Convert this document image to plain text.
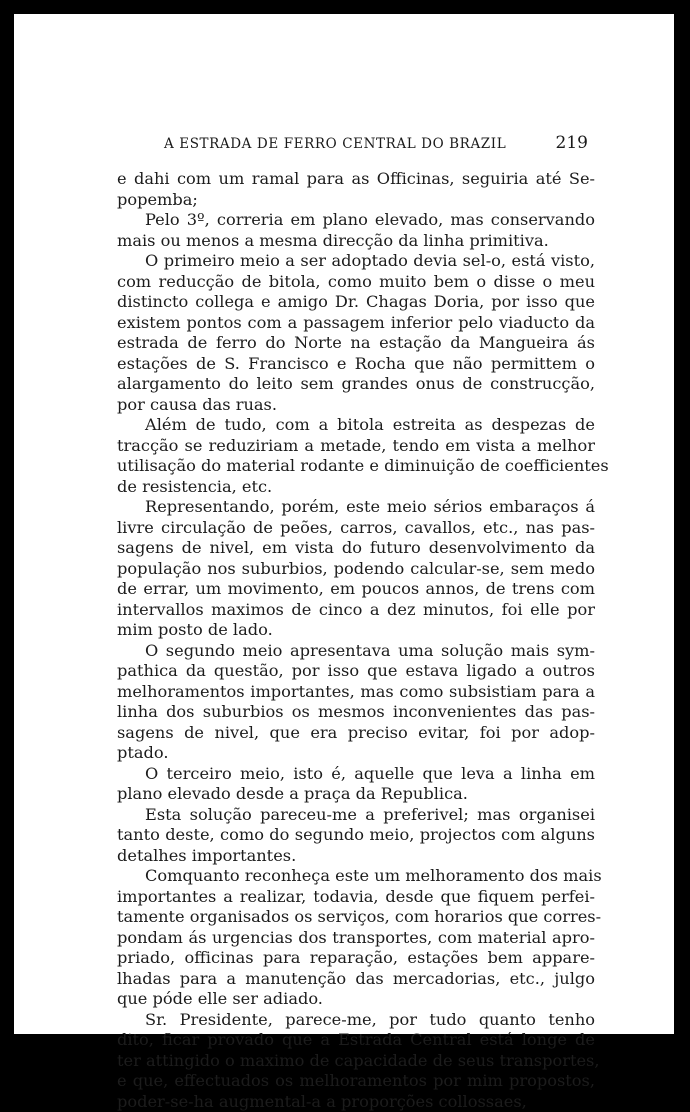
A ESTRADA DE FERRO CENTRAL DO BRAZIL	219
e dahi com um ramal para as Officinas, seguiria até Se-
popemba;
Pelo 3º, correria em plano elevado, mas conservando
mais ou menos a mesma direcção da linha primitiva.
O primeiro meio a ser adoptado devia sel-o, está visto,
com reducção de bitola, como muito bem o disse o meu
distincto collega e amigo Dr. Chagas Doria, por isso que
existem pontos com a passagem inferior pelo viaducto da
estrada de ferro do Norte na estação da Mangueira ás
estações de S. Francisco e Rocha que não permittem o
alargamento do leito sem grandes onus de construcção,
por causa das ruas.
Além de tudo, com a bitola estreita as despezas de
tracção se reduziriam a metade, tendo em vista a melhor
utilisação do material rodante e diminuição de coefficientes
de resistencia, etc.
Representando, porém, este meio sérios embaraços á
livre circulação de peões, carros, cavallos, etc., nas pas-
sagens de nivel, em vista do futuro desenvolvimento da
população nos suburbios, podendo calcular-se, sem medo
de errar, um movimento, em poucos annos, de trens com
intervallos maximos de cinco a dez minutos, foi elle por
mim posto de lado.
O segundo meio apresentava uma solução mais sym-
pathica da questão, por isso que estava ligado a outros
melhoramentos importantes, mas como subsistiam para a
linha dos suburbios os mesmos inconvenientes das pas-
sagens de nivel, que era preciso evitar, foi por adop-
ptado.
O terceiro meio, isto é, aquelle que leva a linha em
plano elevado desde a praça da Republica.
Esta solução pareceu-me a preferivel; mas organisei
tanto deste, como do segundo meio, projectos com alguns
detalhes importantes.
Comquanto reconheça este um melhoramento dos mais
importantes a realizar, todavia, desde que fiquem perfei-
tamente organisados os serviços, com horarios que corres-
pondam ás urgencias dos transportes, com material apro-
priado, officinas para reparação, estações bem appare-
lhadas para a manutenção das mercadorias, etc., julgo
que póde elle ser adiado.
Sr. Presidente, parece-me, por tudo quanto tenho
dito, ficar provado que a Estrada Central está longe de
ter attingido o maximo de capacidade de seus transportes,
e que, effectuados os melhoramentos por mim propostos,
poder-se-ha augmental-a a proporções collossaes,
